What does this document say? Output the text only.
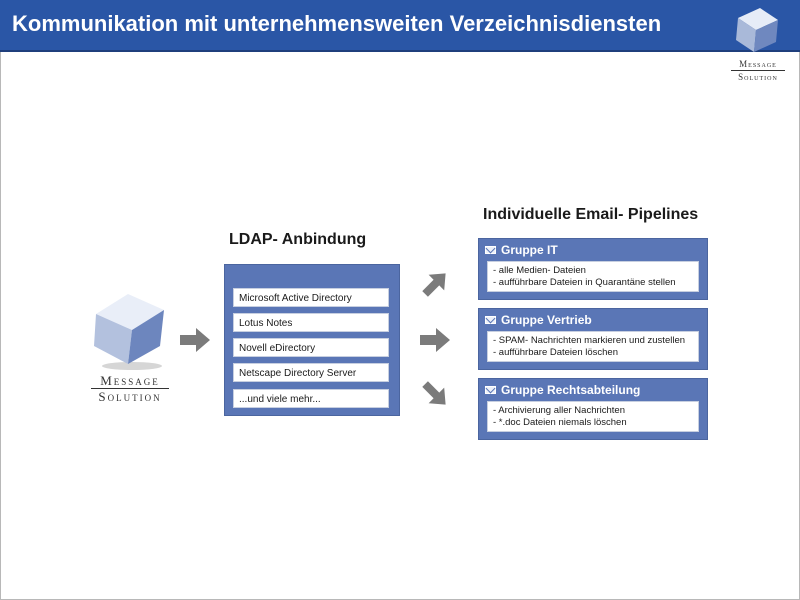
Kommunikation mit unternehmensweiten Verzeichnisdiensten
Message
Solution
Message
Solution
LDAP- Anbindung
Microsoft Active Directory
Lotus Notes
Novell eDirectory
Netscape Directory Server
...und viele mehr...
Individuelle Email- Pipelines
Gruppe IT
- alle Medien- Dateien
- aufführbare Dateien in Quarantäne stellen
Gruppe Vertrieb
- SPAM- Nachrichten markieren und zustellen
- aufführbare Dateien löschen
Gruppe Rechtsabteilung
- Archivierung aller Nachrichten
- *.doc Dateien niemals löschen
